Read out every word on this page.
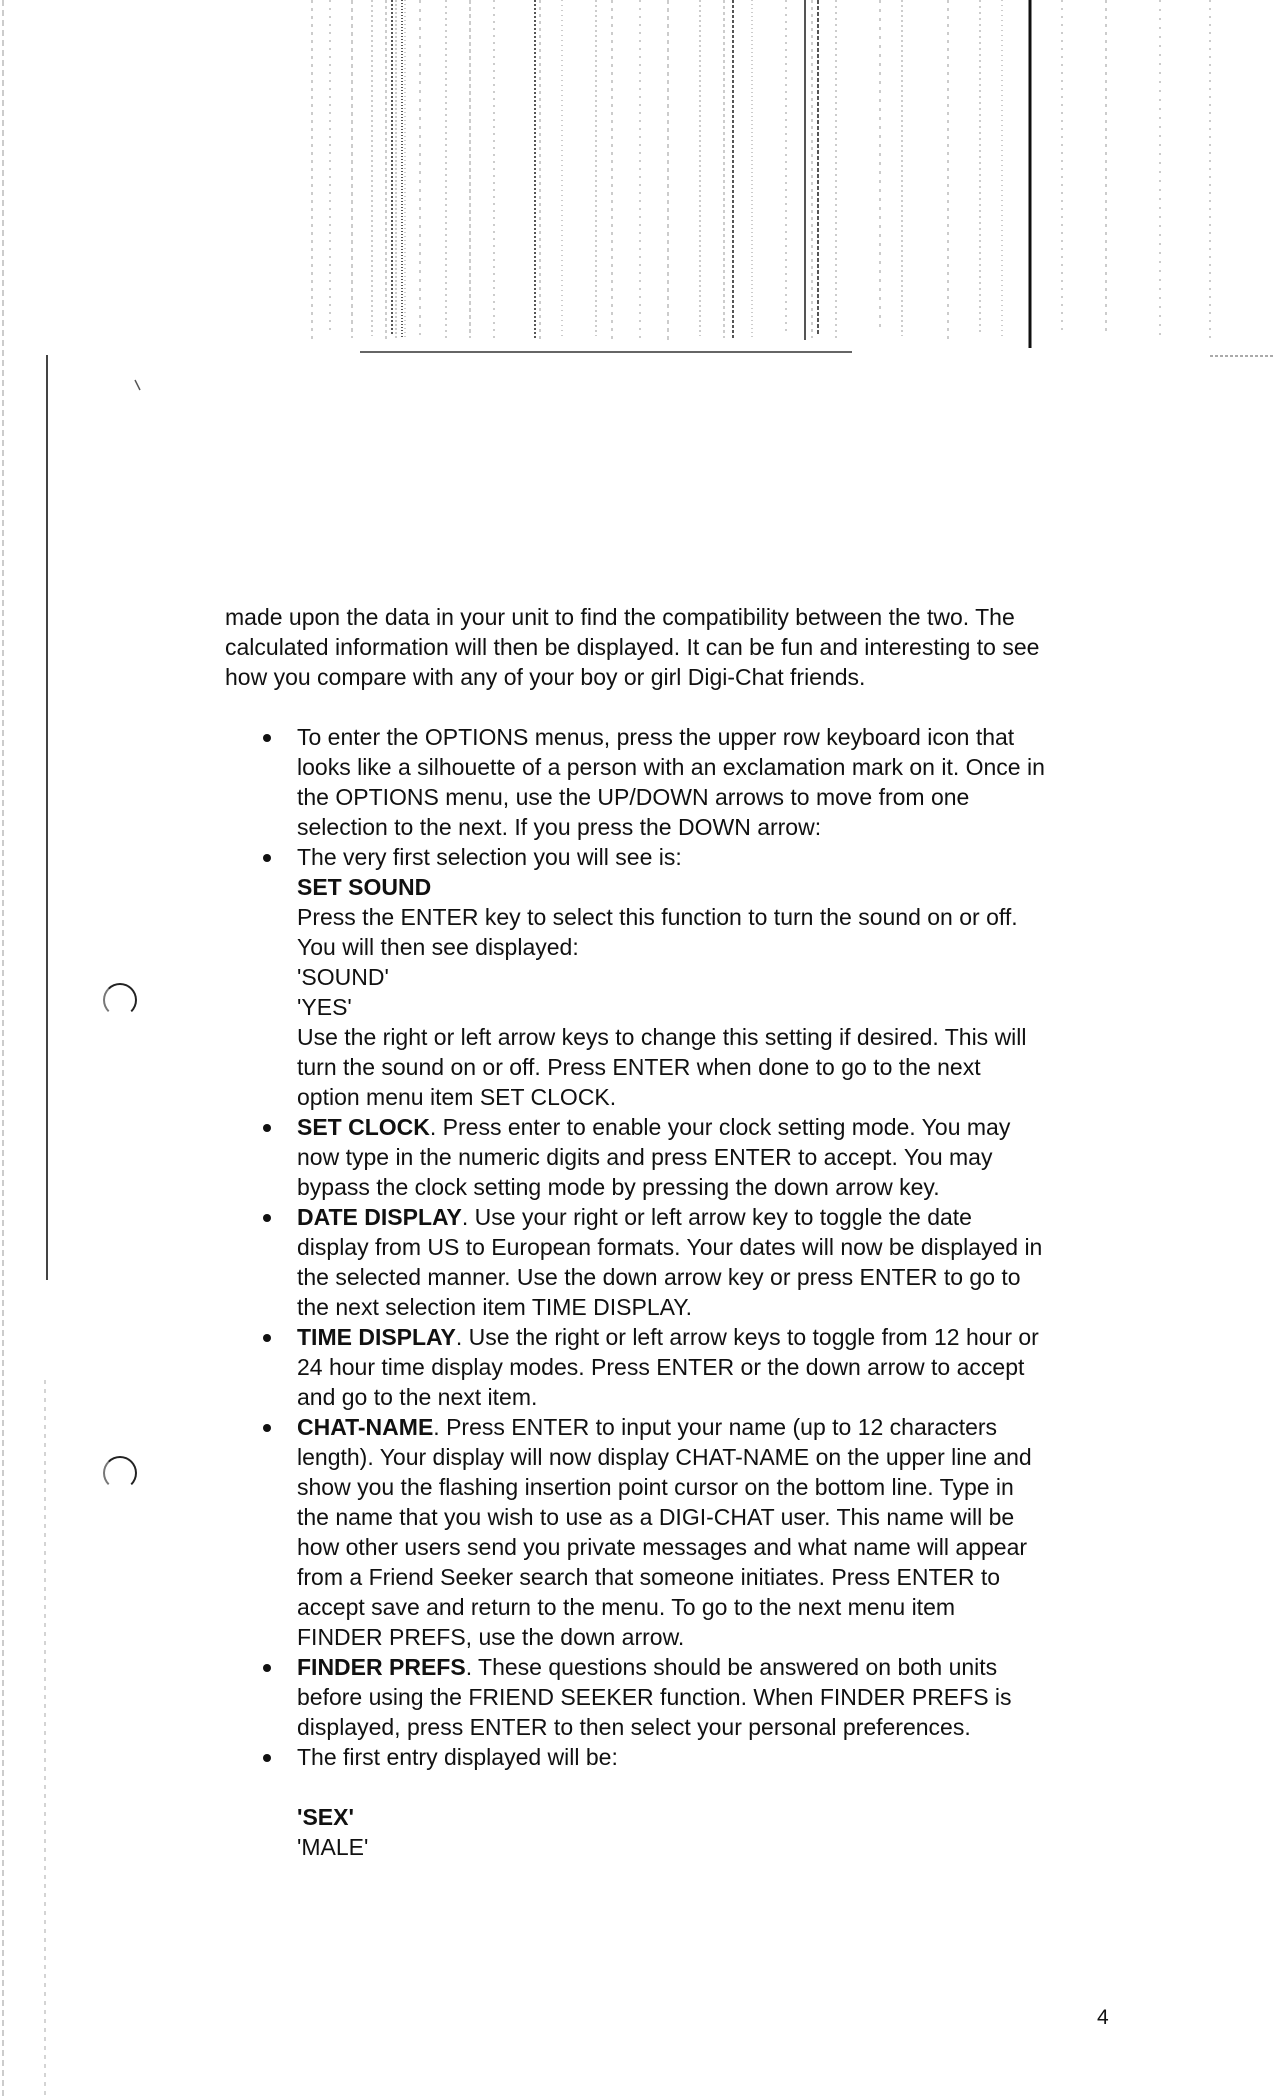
made upon the data in your unit to find the compatibility between the two. The
calculated information will then be displayed. It can be fun and interesting to see
how you compare with any of your boy or girl Digi-Chat friends.

To enter the OPTIONS menus, press the upper row keyboard icon that
looks like a silhouette of a person with an exclamation mark on it. Once in
the OPTIONS menu, use the UP/DOWN arrows to move from one
selection to the next. If you press the DOWN arrow:
The very first selection you will see is:
SET SOUND
Press the ENTER key to select this function to turn the sound on or off.
You will then see displayed:
'SOUND'
'YES'
Use the right or left arrow keys to change this setting if desired. This will
turn the sound on or off. Press ENTER when done to go to the next
option menu item SET CLOCK.
SET CLOCK. Press enter to enable your clock setting mode. You may
now type in the numeric digits and press ENTER to accept. You may
bypass the clock setting mode by pressing the down arrow key.
DATE DISPLAY. Use your right or left arrow key to toggle the date
display from US to European formats. Your dates will now be displayed in
the selected manner. Use the down arrow key or press ENTER to go to
the next selection item TIME DISPLAY.
TIME DISPLAY. Use the right or left arrow keys to toggle from 12 hour or
24 hour time display modes. Press ENTER or the down arrow to accept
and go to the next item.
CHAT-NAME. Press ENTER to input your name (up to 12 characters
length). Your display will now display CHAT-NAME on the upper line and
show you the flashing insertion point cursor on the bottom line. Type in
the name that you wish to use as a DIGI-CHAT user. This name will be
how other users send you private messages and what name will appear
from a Friend Seeker search that someone initiates. Press ENTER to
accept save and return to the menu. To go to the next menu item
FINDER PREFS, use the down arrow.
FINDER PREFS. These questions should be answered on both units
before using the FRIEND SEEKER function. When FINDER PREFS is
displayed, press ENTER to then select your personal preferences.
The first entry displayed will be:
'SEX'
'MALE'
4
